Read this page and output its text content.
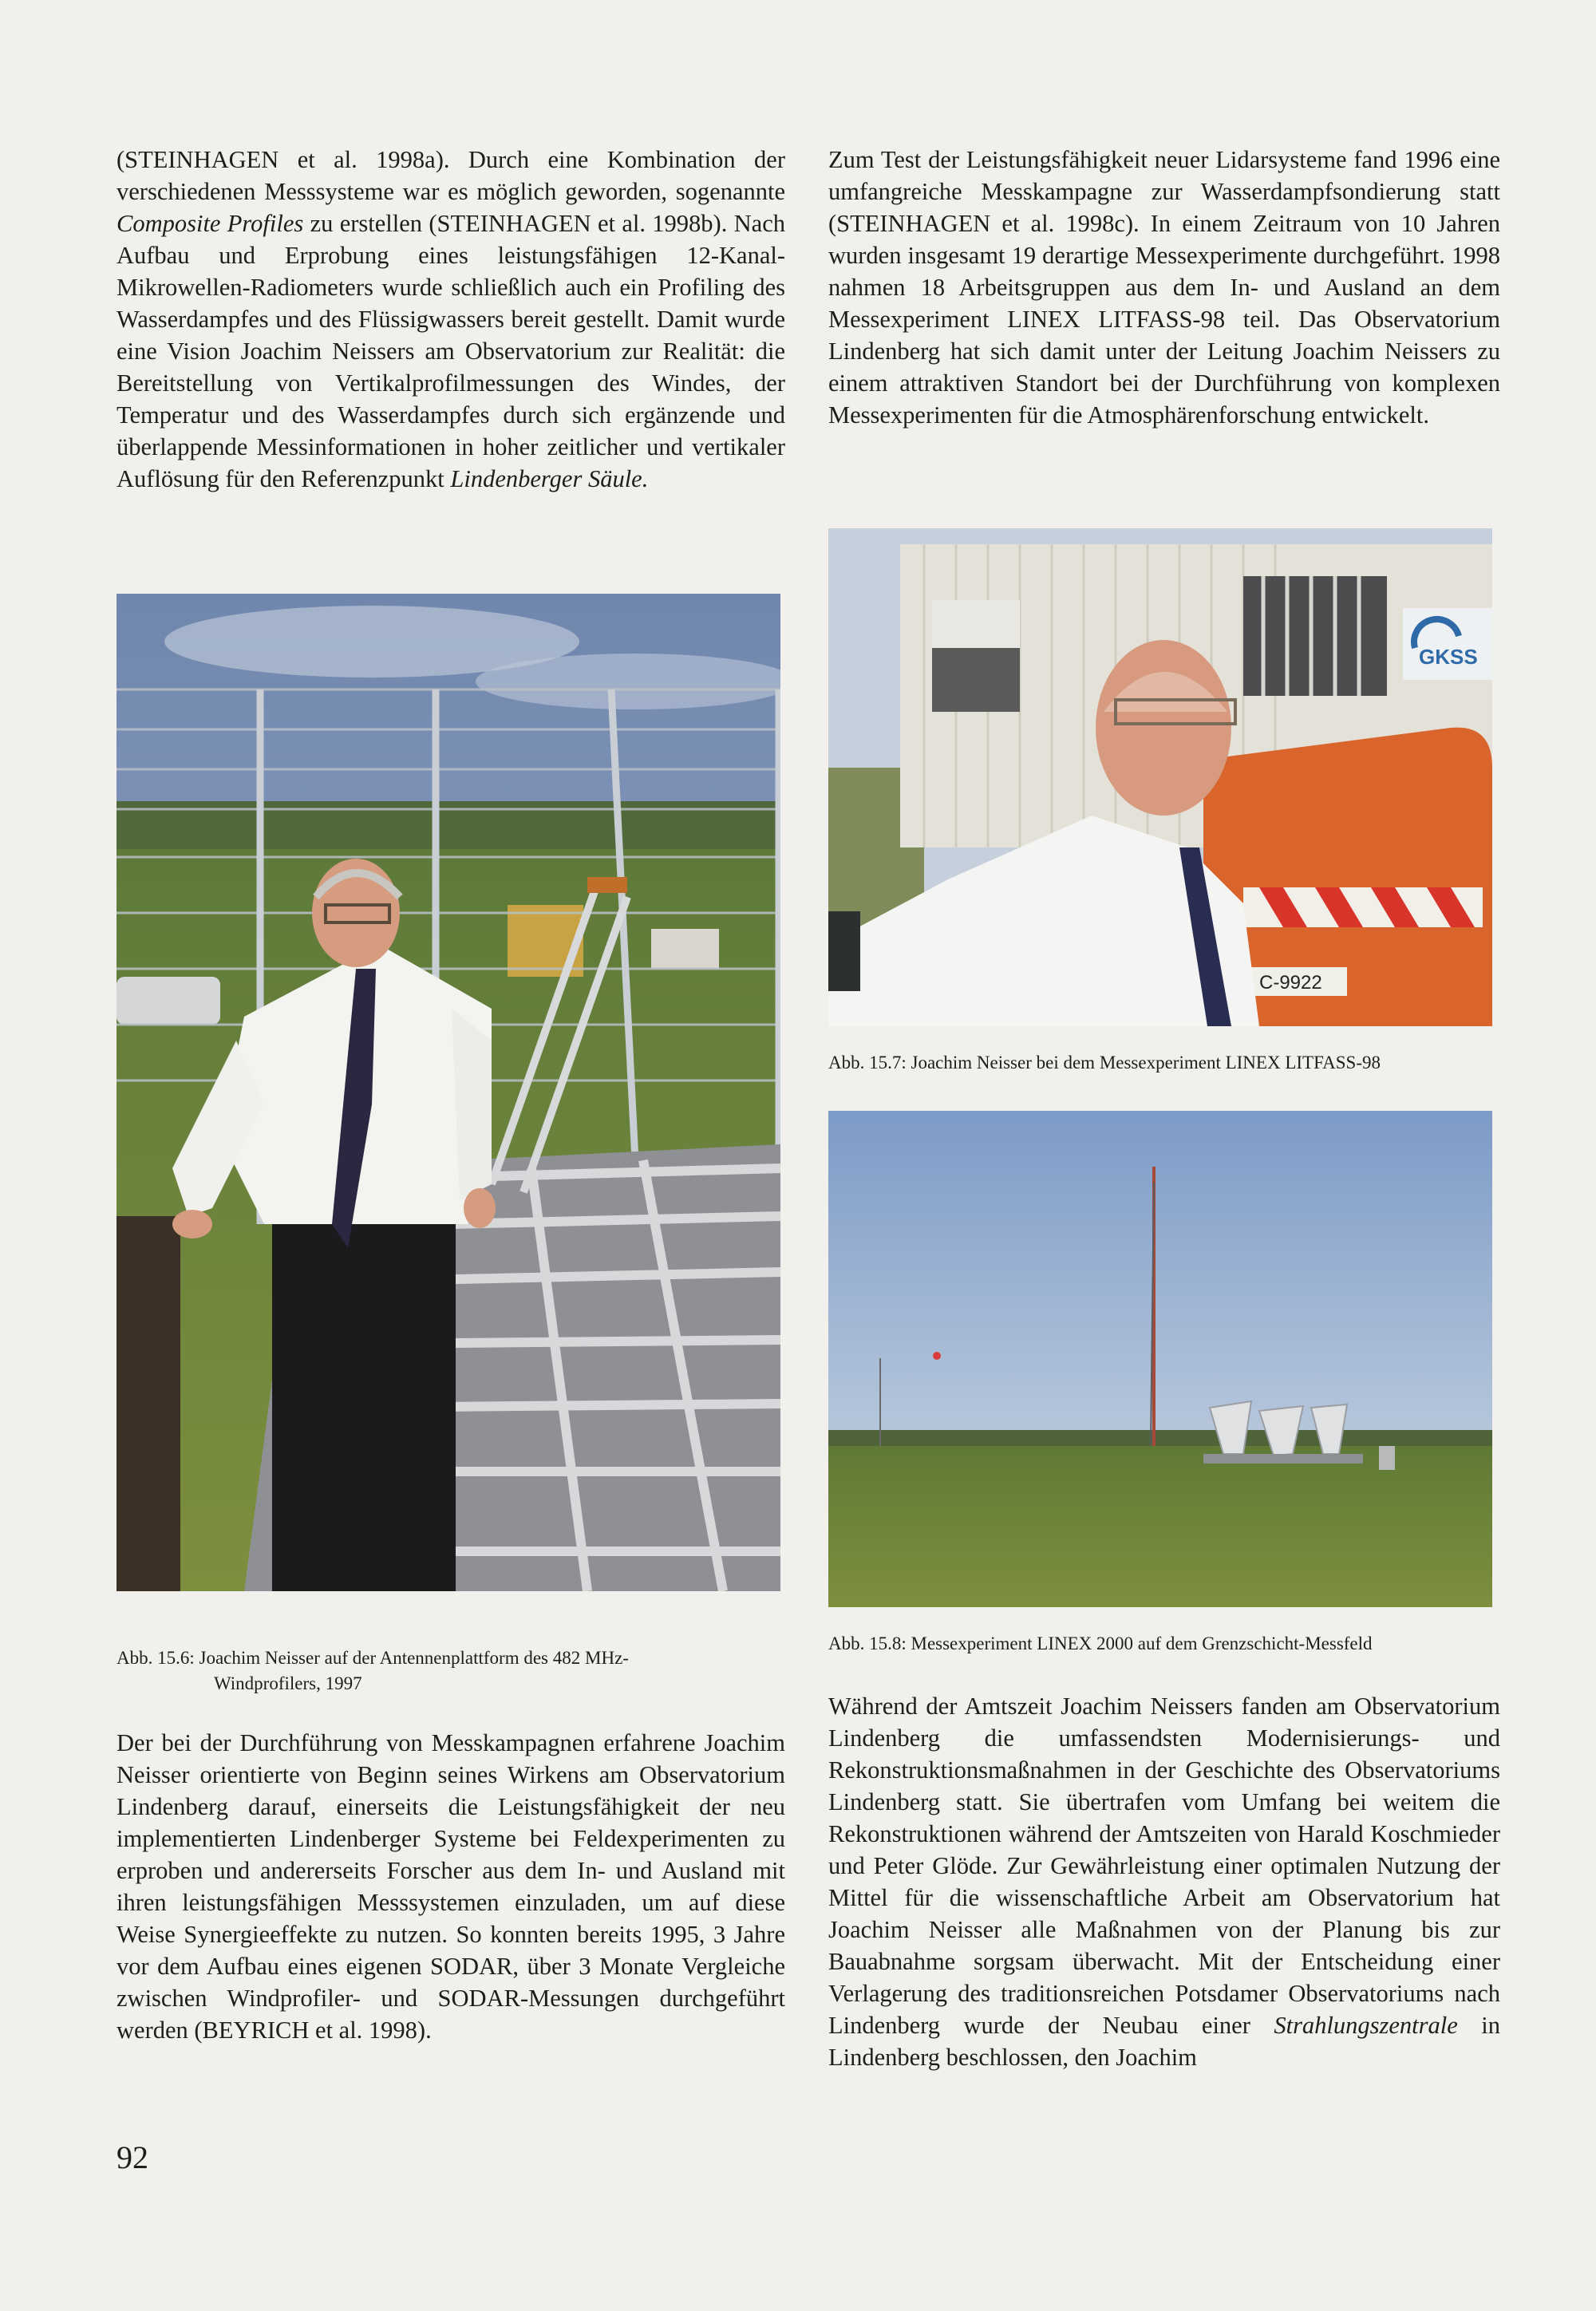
(STEINHAGEN et al. 1998a). Durch eine Kombination der verschiedenen Messsysteme war es möglich geworden, sogenannte Composite Profiles zu erstellen (STEINHAGEN et al. 1998b). Nach Aufbau und Erprobung eines leistungsfähigen 12-Kanal-Mikrowellen-Radiometers wurde schließlich auch ein Profiling des Wasserdampfes und des Flüssigwassers bereit gestellt. Damit wurde eine Vision Joachim Neissers am Observatorium zur Realität: die Bereitstellung von Vertikalprofilmessungen des Windes, der Temperatur und des Wasserdampfes durch sich ergänzende und überlappende Messinformationen in hoher zeitlicher und vertikaler Auflösung für den Referenzpunkt Lindenberger Säule.

Abb. 15.6: Joachim Neisser auf der Antennenplattform des 482 MHz-
Windprofilers, 1997

Der bei der Durchführung von Messkampagnen erfahrene Joachim Neisser orientierte von Beginn seines Wirkens am Observatorium Lindenberg darauf, einerseits die Leistungsfähigkeit der neu implementierten Lindenberger Systeme bei Feldexperimenten zu erproben und andererseits Forscher aus dem In- und Ausland mit ihren leistungsfähigen Messsystemen einzuladen, um auf diese Weise Synergieeffekte zu nutzen. So konnten bereits 1995, 3 Jahre vor dem Aufbau eines eigenen SODAR, über 3 Monate Vergleiche zwischen Windprofiler- und SODAR-Messungen durchgeführt werden (BEYRICH et al. 1998).

Zum Test der Leistungsfähigkeit neuer Lidarsysteme fand 1996 eine umfangreiche Messkampagne zur Wasserdampfsondierung statt (STEINHAGEN et al. 1998c). In einem Zeitraum von 10 Jahren wurden insgesamt 19 derartige Messexperimente durchgeführt. 1998 nahmen 18 Arbeitsgruppen aus dem In- und Ausland an dem Messexperiment LINEX LITFASS-98 teil. Das Observatorium Lindenberg hat sich damit unter der Leitung Joachim Neissers zu einem attraktiven Standort bei der Durchführung von komplexen Messexperimenten für die Atmosphärenforschung entwickelt.

GKSS
C-9922
Abb. 15.7: Joachim Neisser bei dem Messexperiment LINEX LITFASS-98
Abb. 15.8: Messexperiment LINEX 2000 auf dem Grenzschicht-Messfeld

Während der Amtszeit Joachim Neissers fanden am Observatorium Lindenberg die umfassendsten Modernisierungs- und Rekonstruktionsmaßnahmen in der Geschichte des Observatoriums Lindenberg statt. Sie übertrafen vom Umfang bei weitem die Rekonstruktionen während der Amtszeiten von Harald Koschmieder und Peter Glöde. Zur Gewährleistung einer optimalen Nutzung der Mittel für die wissenschaftliche Arbeit am Observatorium hat Joachim Neisser alle Maßnahmen von der Planung bis zur Bauabnahme sorgsam überwacht. Mit der Entscheidung einer Verlagerung des traditionsreichen Potsdamer Observatoriums nach Lindenberg wurde der Neubau einer Strahlungszentrale in Lindenberg beschlossen, den Joachim

92
